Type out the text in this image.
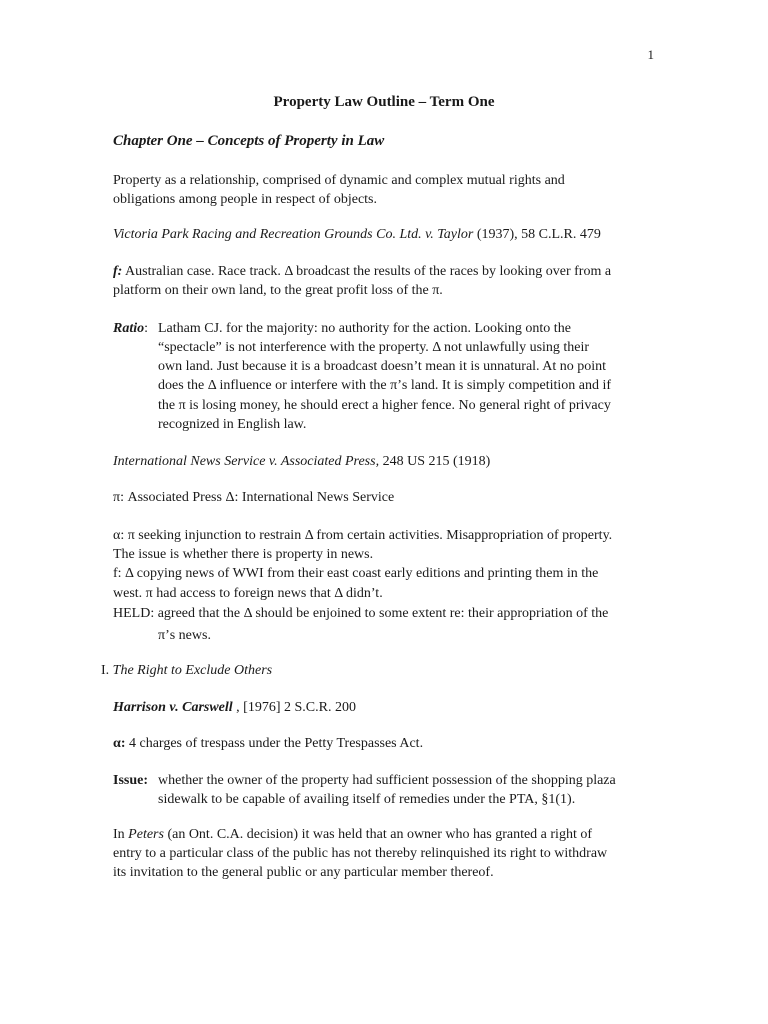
1
Property Law Outline – Term One
Chapter One – Concepts of Property in Law
Property as a relationship, comprised of dynamic and complex mutual rights and
obligations among people in respect of objects.
Victoria Park Racing and Recreation Grounds Co. Ltd. v. Taylor (1937), 58 C.L.R. 479
f: Australian case. Race track. Δ broadcast the results of the races by looking over from a
platform on their own land, to the great profit loss of the π.
Ratio: Latham CJ. for the majority: no authority for the action. Looking onto the
“spectacle” is not interference with the property. Δ not unlawfully using their
own land. Just because it is a broadcast doesn’t mean it is unnatural. At no point
does the Δ influence or interfere with the π’s land. It is simply competition and if
the π is losing money, he should erect a higher fence. No general right of privacy
recognized in English law.
International News Service v. Associated Press, 248 US 215 (1918)
π: Associated Press Δ: International News Service
α: π seeking injunction to restrain Δ from certain activities. Misappropriation of property.
The issue is whether there is property in news.
f: Δ copying news of WWI from their east coast early editions and printing them in the
west. π had access to foreign news that Δ didn’t.
HELD: agreed that the Δ should be enjoined to some extent re: their appropriation of the
π’s news.
I. The Right to Exclude Others
Harrison v. Carswell , [1976] 2 S.C.R. 200
α: 4 charges of trespass under the Petty Trespasses Act.
Issue: whether the owner of the property had sufficient possession of the shopping plaza
sidewalk to be capable of availing itself of remedies under the PTA, §1(1).
In Peters (an Ont. C.A. decision) it was held that an owner who has granted a right of
entry to a particular class of the public has not thereby relinquished its right to withdraw
its invitation to the general public or any particular member thereof.
